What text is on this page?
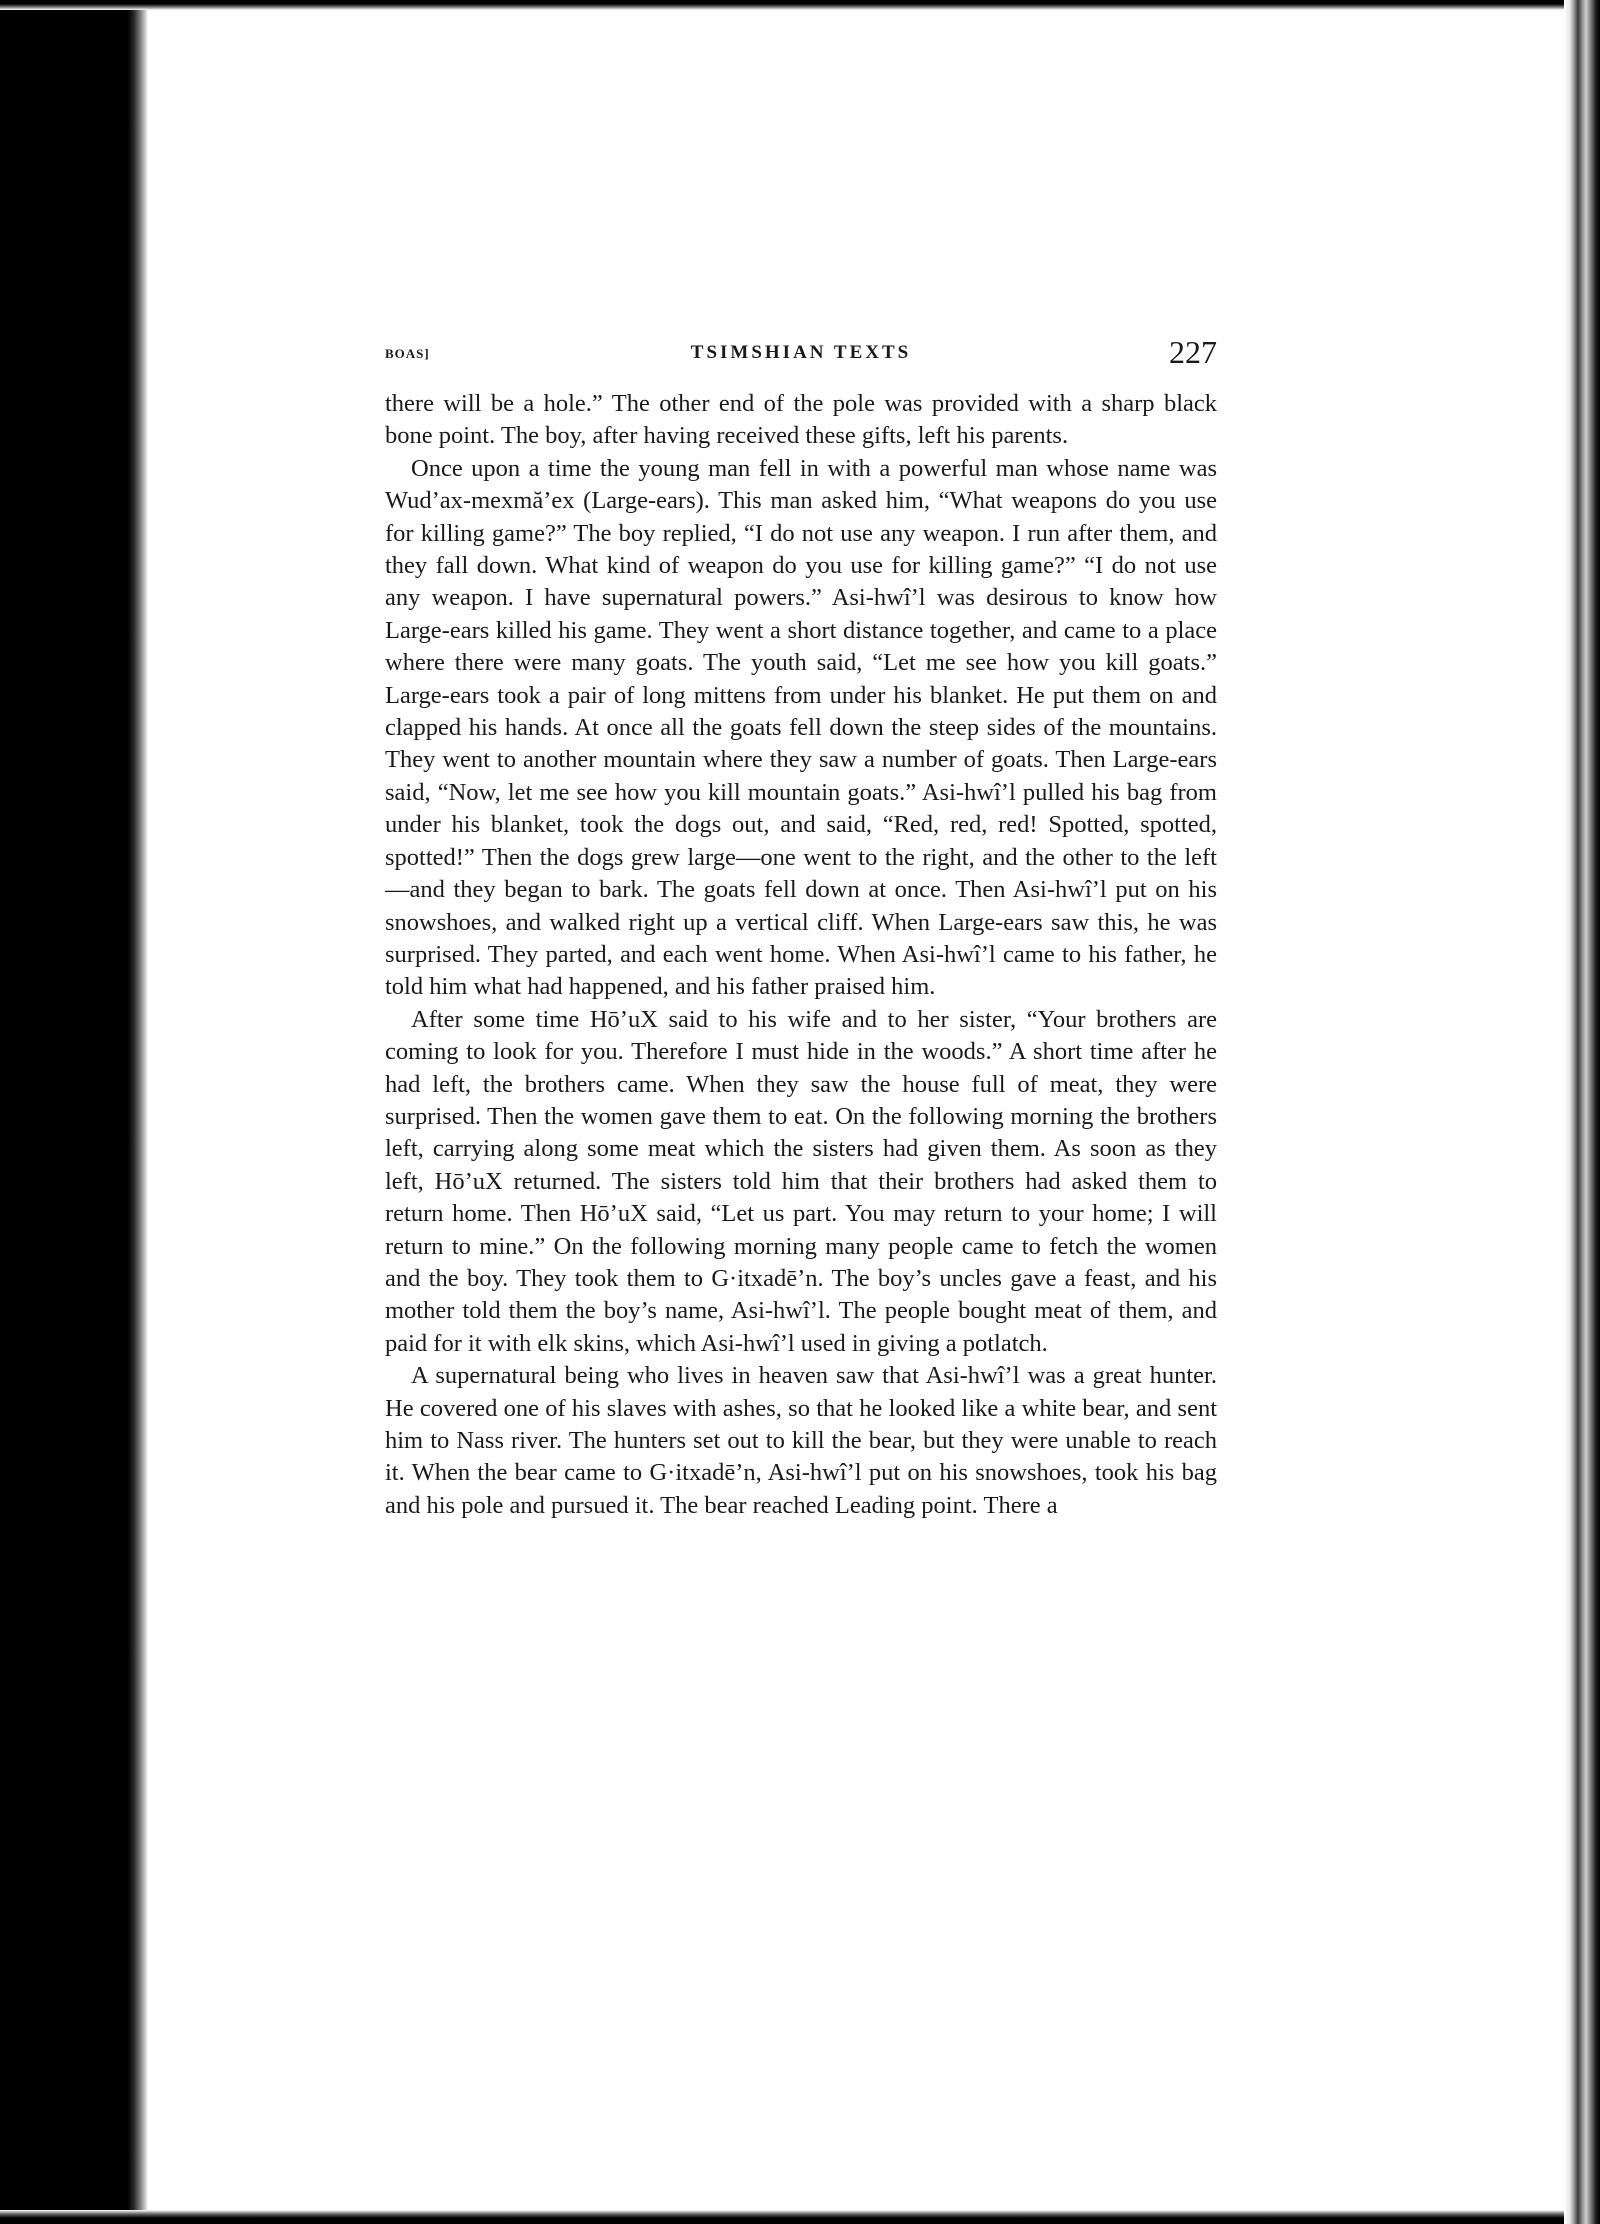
BOAS]	TSIMSHIAN TEXTS	227

there will be a hole.” The other end of the pole was provided with a sharp black bone point. The boy, after having received these gifts, left his parents.

Once upon a time the young man fell in with a powerful man whose name was Wud’ax-mexmă’ex (Large-ears). This man asked him, “What weapons do you use for killing game?” The boy replied, “I do not use any weapon. I run after them, and they fall down. What kind of weapon do you use for killing game?” “I do not use any weapon. I have supernatural powers.” Asi-hwî’l was desirous to know how Large-ears killed his game. They went a short distance together, and came to a place where there were many goats. The youth said, “Let me see how you kill goats.” Large-ears took a pair of long mittens from under his blanket. He put them on and clapped his hands. At once all the goats fell down the steep sides of the mountains. They went to another mountain where they saw a number of goats. Then Large-ears said, “Now, let me see how you kill mountain goats.” Asi-hwî’l pulled his bag from under his blanket, took the dogs out, and said, “Red, red, red! Spotted, spotted, spotted!” Then the dogs grew large—one went to the right, and the other to the left—and they began to bark. The goats fell down at once. Then Asi-hwî’l put on his snowshoes, and walked right up a vertical cliff. When Large-ears saw this, he was surprised. They parted, and each went home. When Asi-hwî’l came to his father, he told him what had happened, and his father praised him.

After some time Hō’uX said to his wife and to her sister, “Your brothers are coming to look for you. Therefore I must hide in the woods.” A short time after he had left, the brothers came. When they saw the house full of meat, they were surprised. Then the women gave them to eat. On the following morning the brothers left, carrying along some meat which the sisters had given them. As soon as they left, Hō’uX returned. The sisters told him that their brothers had asked them to return home. Then Hō’uX said, “Let us part. You may return to your home; I will return to mine.” On the following morning many people came to fetch the women and the boy. They took them to G·itxadē’n. The boy’s uncles gave a feast, and his mother told them the boy’s name, Asi-hwî’l. The people bought meat of them, and paid for it with elk skins, which Asi-hwî’l used in giving a potlatch.

A supernatural being who lives in heaven saw that Asi-hwî’l was a great hunter. He covered one of his slaves with ashes, so that he looked like a white bear, and sent him to Nass river. The hunters set out to kill the bear, but they were unable to reach it. When the bear came to G·itxadē’n, Asi-hwî’l put on his snowshoes, took his bag and his pole and pursued it. The bear reached Leading point. There a
